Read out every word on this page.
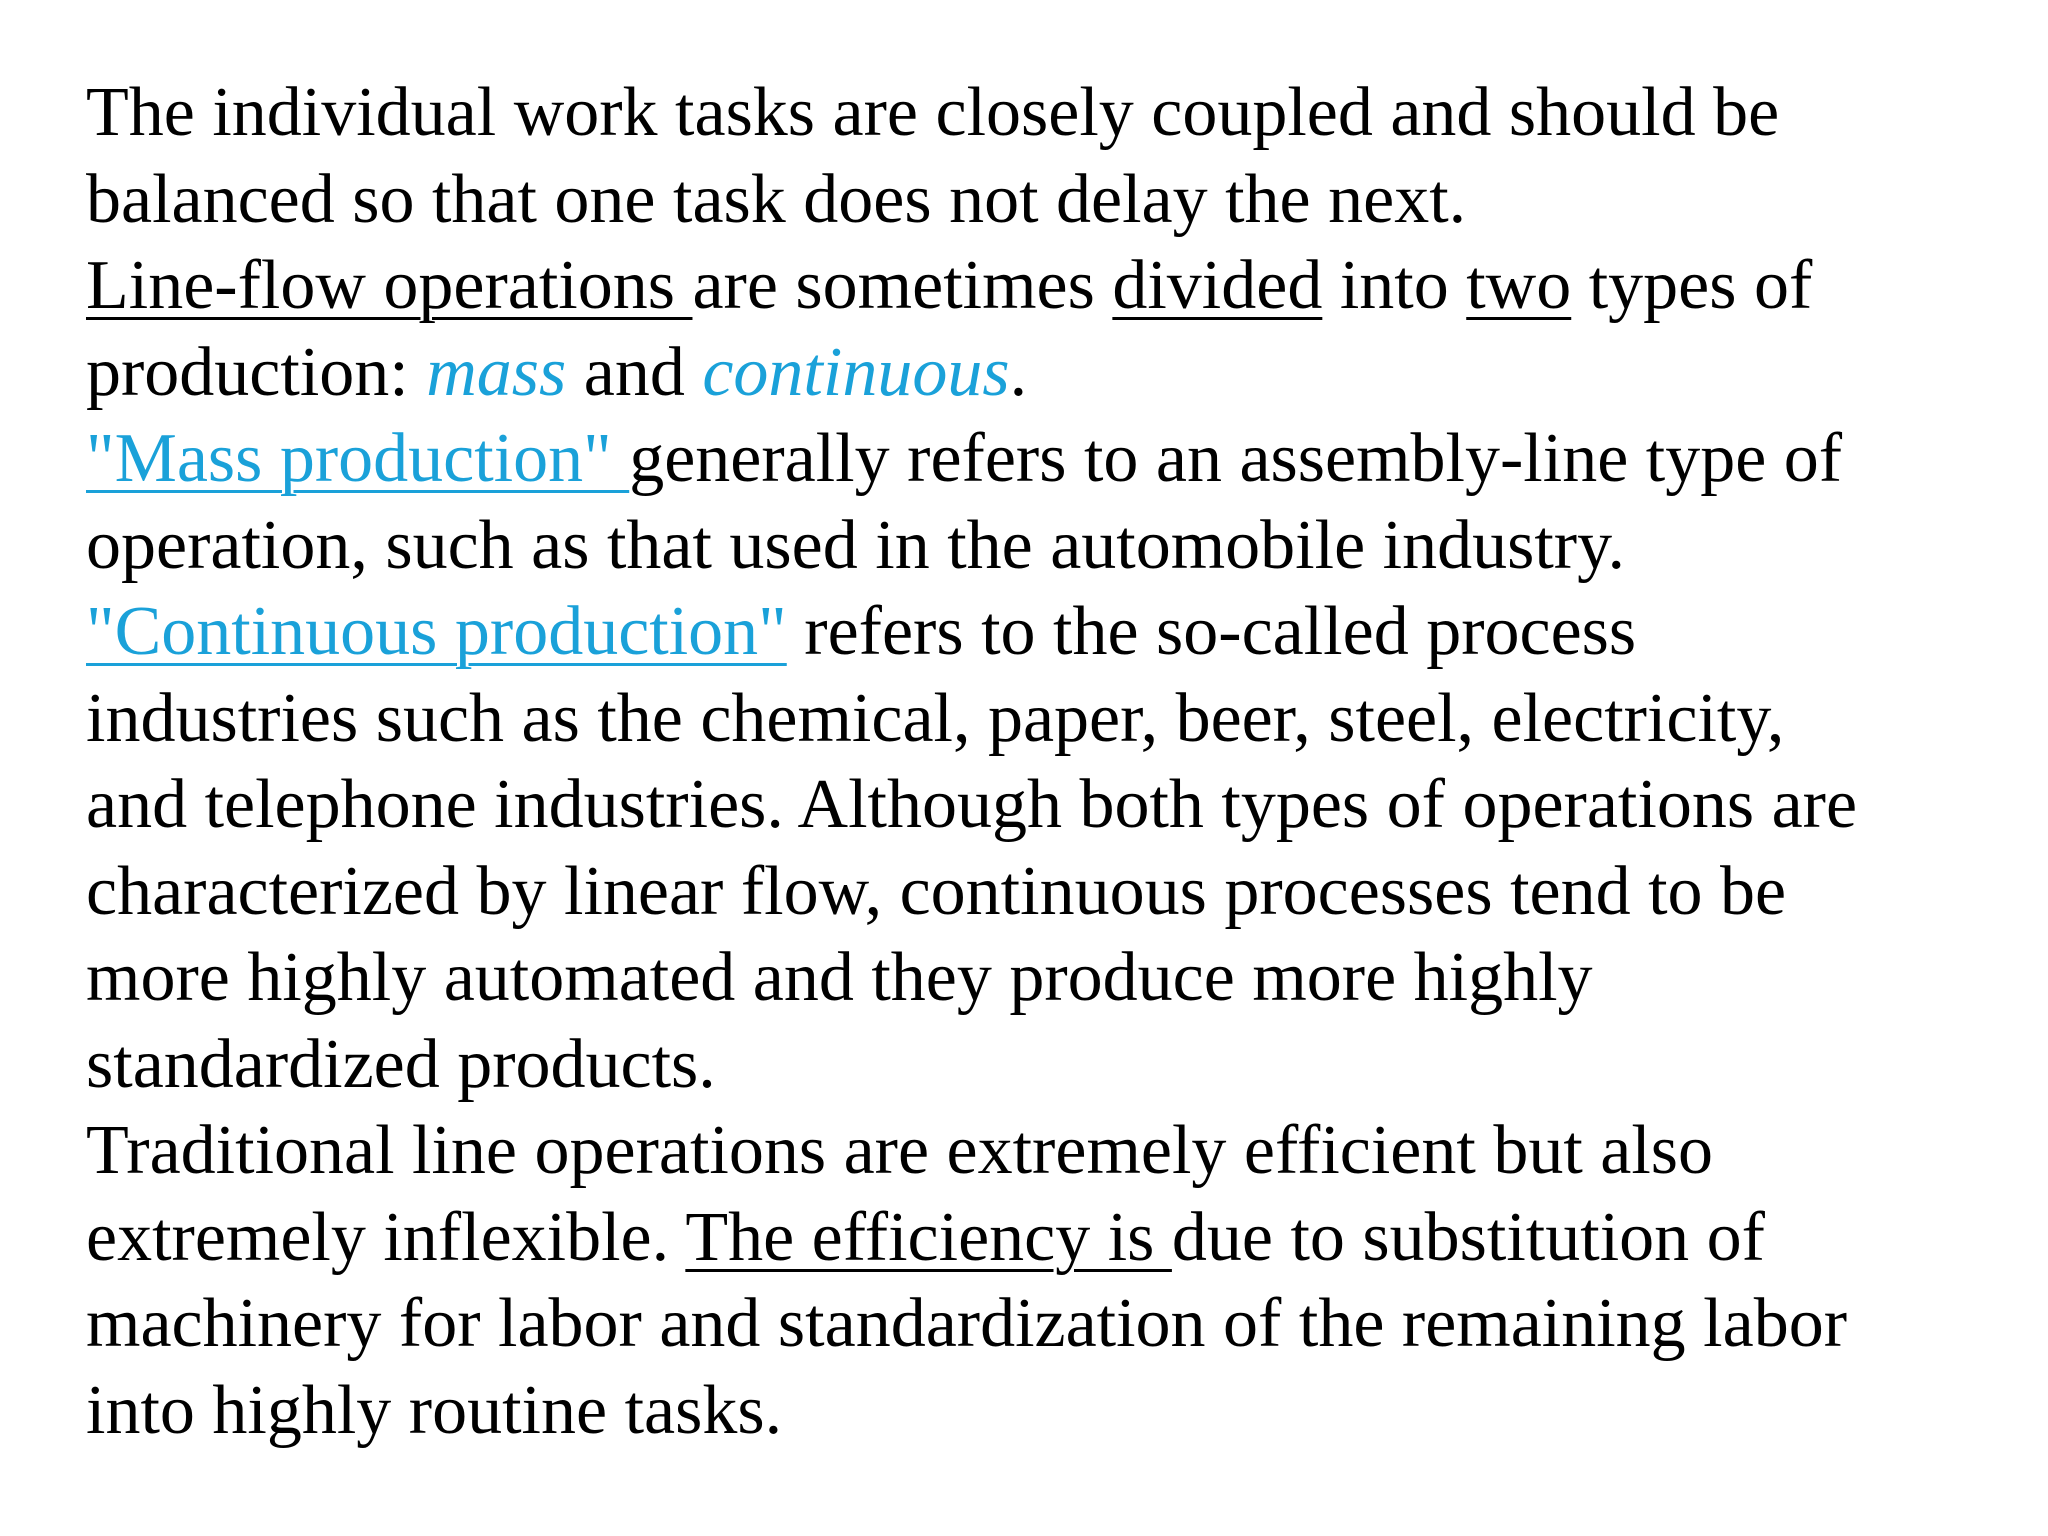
The individual work tasks are closely coupled and should be
balanced so that one task does not delay the next.
Line-flow operations are sometimes divided into two types of
production: mass and continuous.
"Mass production" generally refers to an assembly-line type of
operation, such as that used in the automobile industry.
"Continuous production" refers to the so-called process
industries such as the chemical, paper, beer, steel, electricity,
and telephone industries. Although both types of operations are
characterized by linear flow, continuous processes tend to be
more highly automated and they produce more highly
standardized products.
Traditional line operations are extremely efficient but also
extremely inflexible. The efficiency is due to substitution of
machinery for labor and standardization of the remaining labor
into highly routine tasks.
